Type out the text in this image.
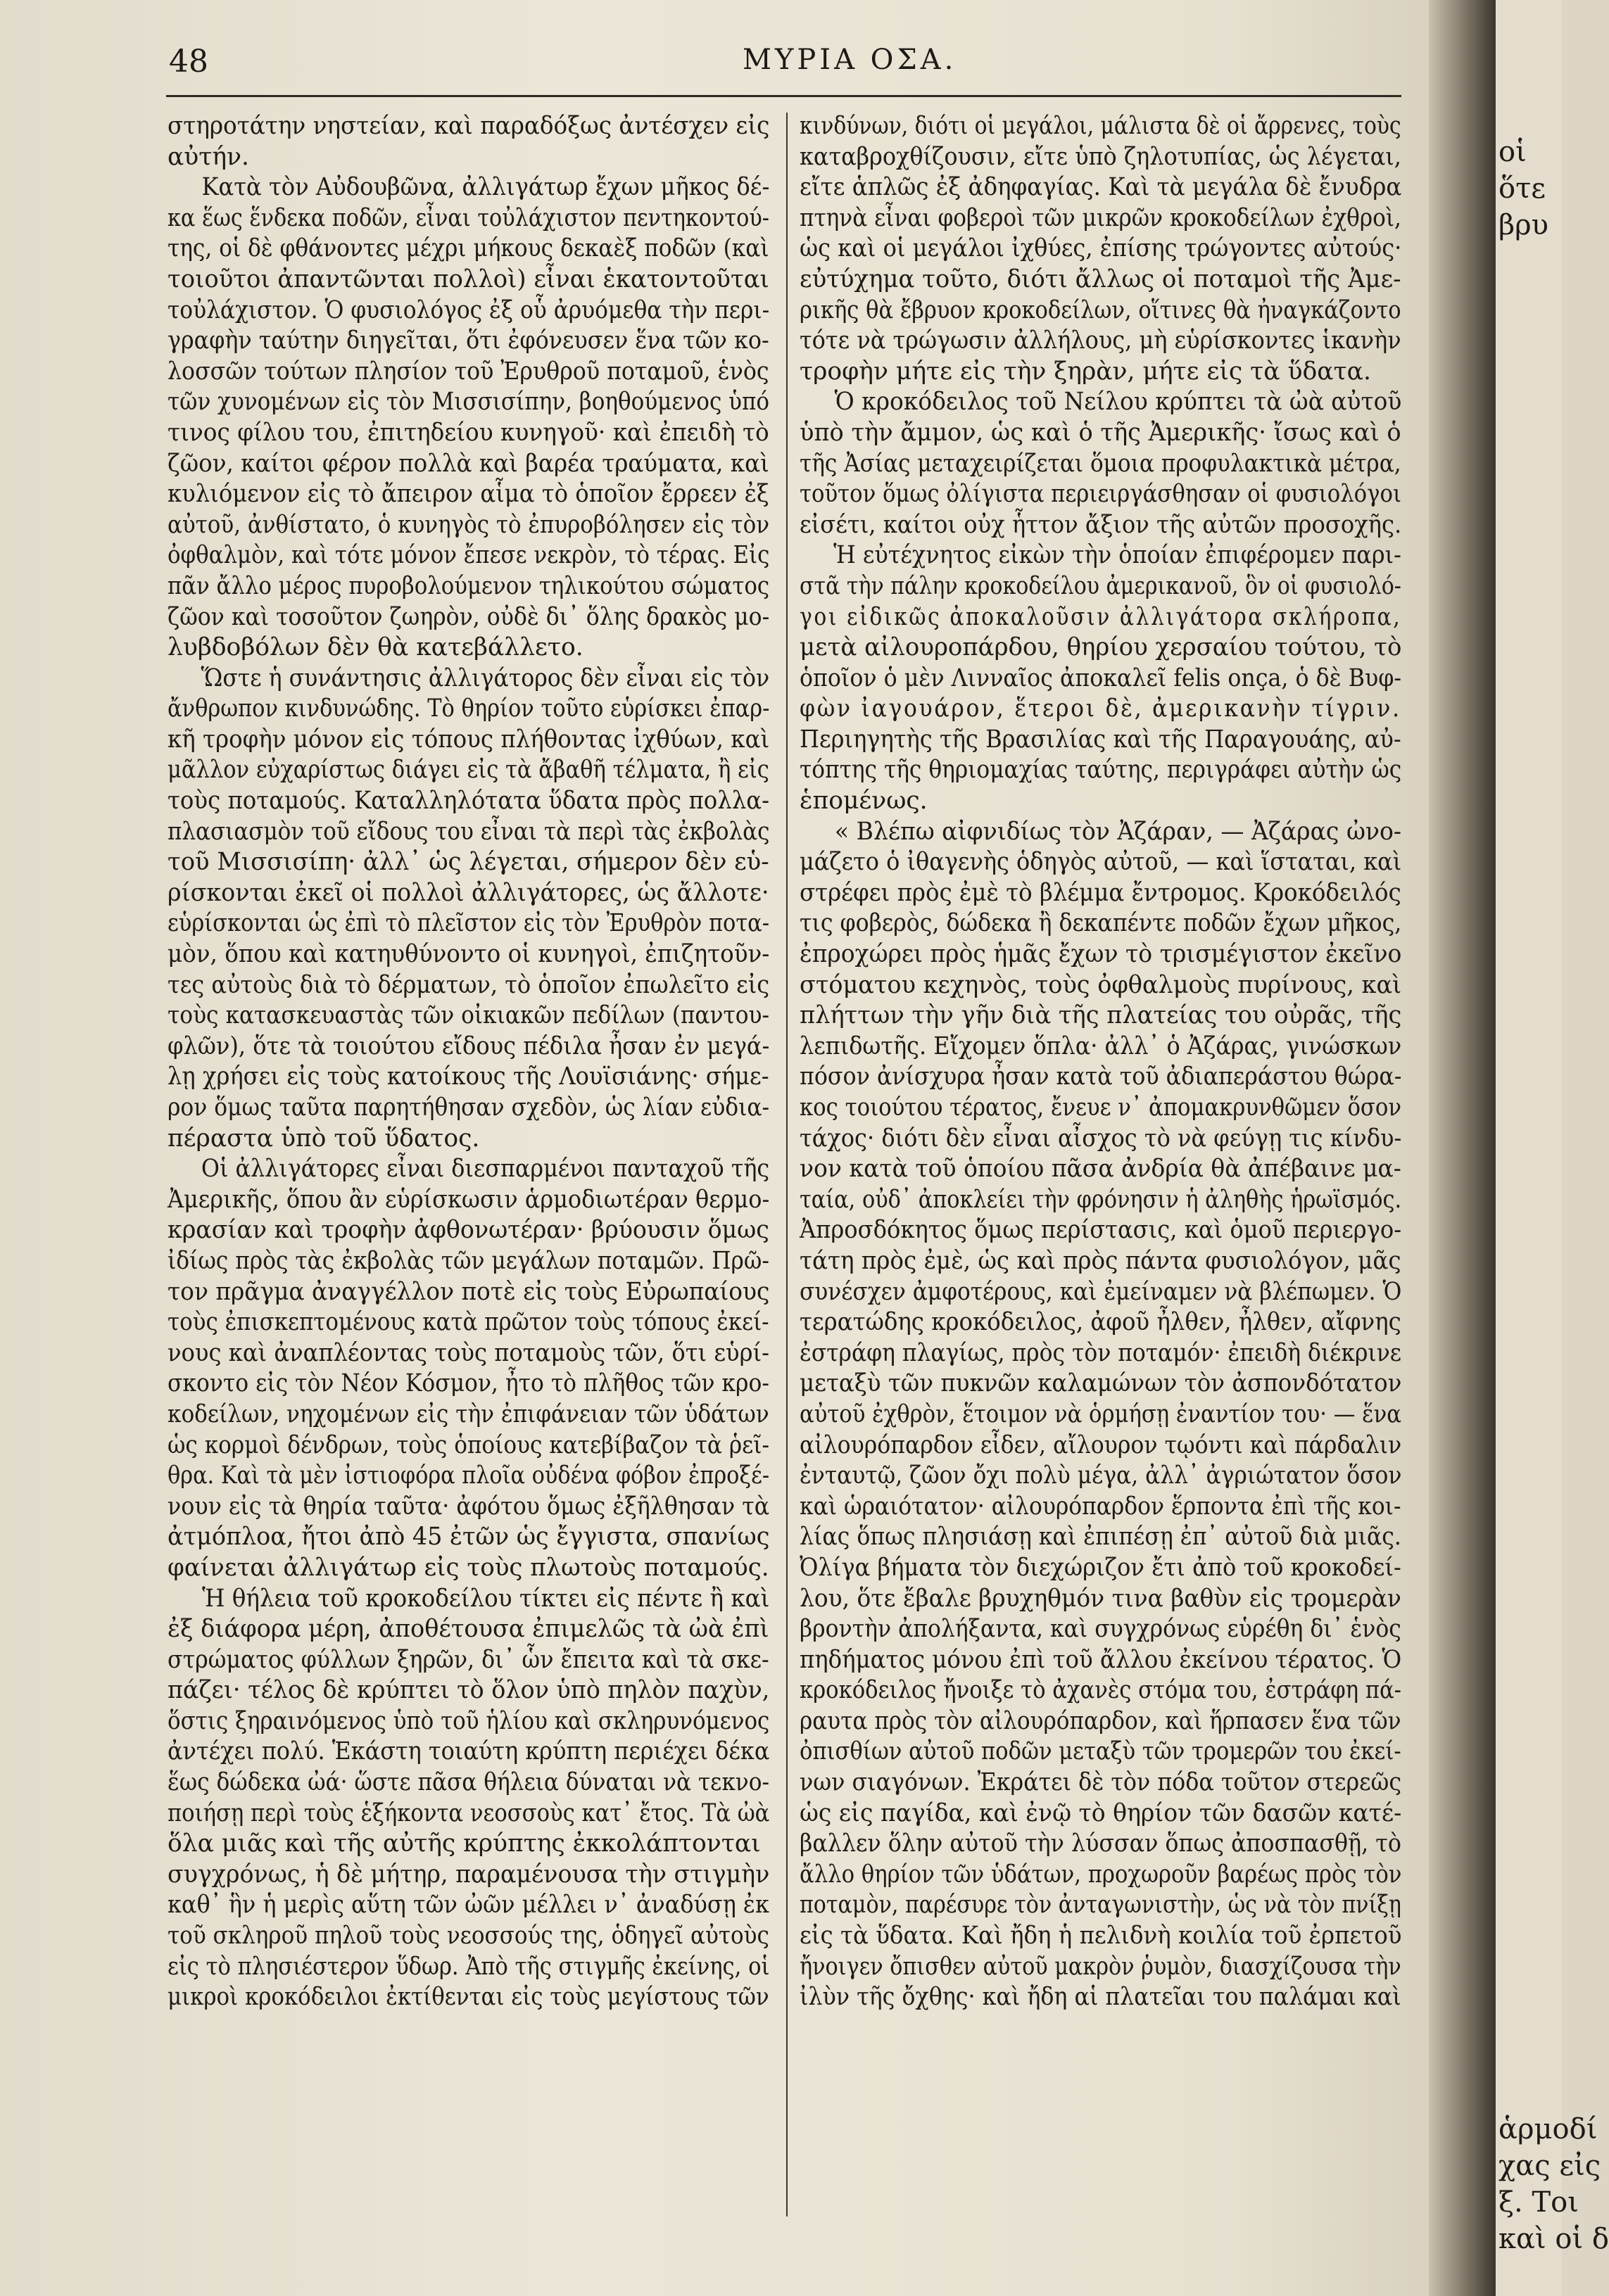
48	ΜΥΡΙΑ ΟΣΑ.
στηροτάτην νηστείαν, καὶ παραδόξως ἀντέσχεν εἰς
αὐτήν.
Κατὰ τὸν Αὐδουβῶνα, ἀλλιγάτωρ ἔχων μῆκος δέ-
κα ἕως ἕνδεκα ποδῶν, εἶναι τοὐλάχιστον πεντηκοντού-
της, οἱ δὲ φθάνοντες μέχρι μήκους δεκαὲξ ποδῶν (καὶ
τοιοῦτοι ἀπαντῶνται πολλοὶ) εἶναι ἑκατοντοῦται
τοὐλάχιστον. Ὁ φυσιολόγος ἐξ οὗ ἀρυόμεθα τὴν περι-
γραφὴν ταύτην διηγεῖται, ὅτι ἐφόνευσεν ἕνα τῶν κο-
λοσσῶν τούτων πλησίον τοῦ Ἐρυθροῦ ποταμοῦ, ἑνὸς
τῶν χυνομένων εἰς τὸν Μισσισίπην, βοηθούμενος ὑπό
τινος φίλου του, ἐπιτηδείου κυνηγοῦ· καὶ ἐπειδὴ τὸ
ζῶον, καίτοι φέρον πολλὰ καὶ βαρέα τραύματα, καὶ
κυλιόμενον εἰς τὸ ἄπειρον αἷμα τὸ ὁποῖον ἔρρεεν ἐξ
αὐτοῦ, ἀνθίστατο, ὁ κυνηγὸς τὸ ἐπυροβόλησεν εἰς τὸν
ὀφθαλμὸν, καὶ τότε μόνον ἔπεσε νεκρὸν, τὸ τέρας. Εἰς
πᾶν ἄλλο μέρος πυροβολούμενον τηλικούτου σώματος
ζῶον καὶ τοσοῦτον ζωηρὸν, οὐδὲ δι᾿ ὅλης δρακὸς μο-
λυβδοβόλων δὲν θὰ κατεβάλλετο.
Ὥστε ἡ συνάντησις ἀλλιγάτορος δὲν εἶναι εἰς τὸν
ἄνθρωπον κινδυνώδης. Τὸ θηρίον τοῦτο εὑρίσκει ἐπαρ-
κῆ τροφὴν μόνον εἰς τόπους πλήθοντας ἰχθύων, καὶ
μᾶλλον εὐχαρίστως διάγει εἰς τὰ ἄβαθῆ τέλματα, ἢ εἰς
τοὺς ποταμούς. Καταλληλότατα ὕδατα πρὸς πολλα-
πλασιασμὸν τοῦ εἴδους του εἶναι τὰ περὶ τὰς ἐκβολὰς
τοῦ Μισσισίπη· ἀλλ᾿ ὡς λέγεται, σήμερον δὲν εὑ-
ρίσκονται ἐκεῖ οἱ πολλοὶ ἀλλιγάτορες, ὡς ἄλλοτε·
εὑρίσκονται ὡς ἐπὶ τὸ πλεῖστον εἰς τὸν Ἐρυθρὸν ποτα-
μὸν, ὅπου καὶ κατηυθύνοντο οἱ κυνηγοὶ, ἐπιζητοῦν-
τες αὐτοὺς διὰ τὸ δέρματων, τὸ ὁποῖον ἐπωλεῖτο εἰς
τοὺς κατασκευαστὰς τῶν οἰκιακῶν πεδίλων (παντου-
φλῶν), ὅτε τὰ τοιούτου εἴδους πέδιλα ἦσαν ἐν μεγά-
λῃ χρήσει εἰς τοὺς κατοίκους τῆς Λουϊσιάνης· σήμε-
ρον ὅμως ταῦτα παρητήθησαν σχεδὸν, ὡς λίαν εὐδια-
πέραστα ὑπὸ τοῦ ὕδατος.
Οἱ ἀλλιγάτορες εἶναι διεσπαρμένοι πανταχοῦ τῆς
Ἀμερικῆς, ὅπου ἂν εὑρίσκωσιν ἁρμοδιωτέραν θερμο-
κρασίαν καὶ τροφὴν ἀφθονωτέραν· βρύουσιν ὅμως
ἰδίως πρὸς τὰς ἐκβολὰς τῶν μεγάλων ποταμῶν. Πρῶ-
τον πρᾶγμα ἀναγγέλλον ποτὲ εἰς τοὺς Εὐρωπαίους
τοὺς ἐπισκεπτομένους κατὰ πρῶτον τοὺς τόπους ἐκεί-
νους καὶ ἀναπλέοντας τοὺς ποταμοὺς τῶν, ὅτι εὑρί-
σκοντο εἰς τὸν Νέον Κόσμον, ἦτο τὸ πλῆθος τῶν κρο-
κοδείλων, νηχομένων εἰς τὴν ἐπιφάνειαν τῶν ὑδάτων
ὡς κορμοὶ δένδρων, τοὺς ὁποίους κατεβίβαζον τὰ ῥεῖ-
θρα. Καὶ τὰ μὲν ἰστιοφόρα πλοῖα οὐδένα φόβον ἐπροξέ-
νουν εἰς τὰ θηρία ταῦτα· ἀφότου ὅμως ἐξῆλθησαν τὰ
ἀτμόπλοα, ἤτοι ἀπὸ 45 ἐτῶν ὡς ἔγγιστα, σπανίως
φαίνεται ἀλλιγάτωρ εἰς τοὺς πλωτοὺς ποταμούς.
Ἡ θήλεια τοῦ κροκοδείλου τίκτει εἰς πέντε ἢ καὶ
ἐξ διάφορα μέρη, ἀποθέτουσα ἐπιμελῶς τὰ ὠὰ ἐπὶ
στρώματος φύλλων ξηρῶν, δι᾿ ὧν ἔπειτα καὶ τὰ σκε-
πάζει· τέλος δὲ κρύπτει τὸ ὅλον ὑπὸ πηλὸν παχὺν,
ὅστις ξηραινόμενος ὑπὸ τοῦ ἡλίου καὶ σκληρυνόμενος
ἀντέχει πολύ. Ἑκάστη τοιαύτη κρύπτη περιέχει δέκα
ἕως δώδεκα ὠά· ὥστε πᾶσα θήλεια δύναται νὰ τεκνο-
ποιήσῃ περὶ τοὺς ἑξήκοντα νεοσσοὺς κατ᾿ ἔτος. Τὰ ὠὰ
ὅλα μιᾶς καὶ τῆς αὐτῆς κρύπτης ἐκκολάπτονται
συγχρόνως, ἡ δὲ μήτηρ, παραμένουσα τὴν στιγμὴν
καθ᾿ ἣν ἡ μερὶς αὕτη τῶν ὠῶν μέλλει ν᾿ ἀναδύσῃ ἐκ
τοῦ σκληροῦ πηλοῦ τοὺς νεοσσούς της, ὁδηγεῖ αὐτοὺς
εἰς τὸ πλησιέστερον ὕδωρ. Ἀπὸ τῆς στιγμῆς ἐκείνης, οἱ
μικροὶ κροκόδειλοι ἐκτίθενται εἰς τοὺς μεγίστους τῶν
κινδύνων, διότι οἱ μεγάλοι, μάλιστα δὲ οἱ ἄρρενες, τοὺς
καταβροχθίζουσιν, εἴτε ὑπὸ ζηλοτυπίας, ὡς λέγεται,
εἴτε ἁπλῶς ἐξ ἀδηφαγίας. Καὶ τὰ μεγάλα δὲ ἔνυδρα
πτηνὰ εἶναι φοβεροὶ τῶν μικρῶν κροκοδείλων ἐχθροὶ,
ὡς καὶ οἱ μεγάλοι ἰχθύες, ἐπίσης τρώγοντες αὐτούς·
εὐτύχημα τοῦτο, διότι ἄλλως οἱ ποταμοὶ τῆς Ἀμε-
ρικῆς θὰ ἔβρυον κροκοδείλων, οἵτινες θὰ ἠναγκάζοντο
τότε νὰ τρώγωσιν ἀλλήλους, μὴ εὑρίσκοντες ἱκανὴν
τροφὴν μήτε εἰς τὴν ξηρὰν, μήτε εἰς τὰ ὕδατα.
Ὁ κροκόδειλος τοῦ Νείλου κρύπτει τὰ ὠὰ αὐτοῦ
ὑπὸ τὴν ἄμμον, ὡς καὶ ὁ τῆς Ἀμερικῆς· ἴσως καὶ ὁ
τῆς Ἀσίας μεταχειρίζεται ὅμοια προφυλακτικὰ μέτρα,
τοῦτον ὅμως ὀλίγιστα περιειργάσθησαν οἱ φυσιολόγοι
εἰσέτι, καίτοι οὐχ ἧττον ἄξιον τῆς αὐτῶν προσοχῆς.
Ἡ εὐτέχνητος εἰκὼν τὴν ὁποίαν ἐπιφέρομεν παρι-
στᾶ τὴν πάλην κροκοδείλου ἀμερικανοῦ, ὃν οἱ φυσιολό-
γοι εἰδικῶς ἀποκαλοῦσιν ἀλλιγάτορα σκλήροπα,
μετὰ αἰλουροπάρδου, θηρίου χερσαίου τούτου, τὸ
ὁποῖον ὁ μὲν Λινναῖος ἀποκαλεῖ felis onça, ὁ δὲ Βυφ-
φὼν ἰαγουάρον, ἕτεροι δὲ, ἀμερικανὴν τίγριν.
Περιηγητὴς τῆς Βρασιλίας καὶ τῆς Παραγουάης, αὐ-
τόπτης τῆς θηριομαχίας ταύτης, περιγράφει αὐτὴν ὡς
ἑπομένως.
« Βλέπω αἰφνιδίως τὸν Ἀζάραν, — Ἀζάρας ὠνο-
μάζετο ὁ ἰθαγενὴς ὁδηγὸς αὐτοῦ, — καὶ ἵσταται, καὶ
στρέφει πρὸς ἐμὲ τὸ βλέμμα ἔντρομος. Κροκόδειλός
τις φοβερὸς, δώδεκα ἢ δεκαπέντε ποδῶν ἔχων μῆκος,
ἐπροχώρει πρὸς ἡμᾶς ἔχων τὸ τρισμέγιστον ἐκεῖνο
στόματου κεχηνὸς, τοὺς ὀφθαλμοὺς πυρίνους, καὶ
πλήττων τὴν γῆν διὰ τῆς πλατείας του οὐρᾶς, τῆς
λεπιδωτῆς. Εἴχομεν ὅπλα· ἀλλ᾿ ὁ Ἀζάρας, γινώσκων
πόσον ἀνίσχυρα ἦσαν κατὰ τοῦ ἀδιαπεράστου θώρα-
κος τοιούτου τέρατος, ἔνευε ν᾿ ἀπομακρυνθῶμεν ὅσον
τάχος· διότι δὲν εἶναι αἶσχος τὸ νὰ φεύγῃ τις κίνδυ-
νον κατὰ τοῦ ὁποίου πᾶσα ἀνδρία θὰ ἀπέβαινε μα-
ταία, οὐδ᾿ ἀποκλείει τὴν φρόνησιν ἡ ἀληθὴς ἡρωϊσμός.
Ἀπροσδόκητος ὅμως περίστασις, καὶ ὁμοῦ περιεργο-
τάτη πρὸς ἐμὲ, ὡς καὶ πρὸς πάντα φυσιολόγον, μᾶς
συνέσχεν ἀμφοτέρους, καὶ ἐμείναμεν νὰ βλέπωμεν. Ὁ
τερατώδης κροκόδειλος, ἀφοῦ ἦλθεν, ἦλθεν, αἴφνης
ἐστράφη πλαγίως, πρὸς τὸν ποταμόν· ἐπειδὴ διέκρινε
μεταξὺ τῶν πυκνῶν καλαμώνων τὸν ἀσπονδότατον
αὐτοῦ ἐχθρὸν, ἕτοιμον νὰ ὁρμήσῃ ἐναντίον του· — ἕνα
αἰλουρόπαρδον εἶδεν, αἴλουρον τῳόντι καὶ πάρδαλιν
ἐνταυτῷ, ζῶον ὄχι πολὺ μέγα, ἀλλ᾿ ἀγριώτατον ὅσον
καὶ ὡραιότατον· αἰλουρόπαρδον ἕρποντα ἐπὶ τῆς κοι-
λίας ὅπως πλησιάσῃ καὶ ἐπιπέσῃ ἐπ᾿ αὐτοῦ διὰ μιᾶς.
Ὀλίγα βήματα τὸν διεχώριζον ἔτι ἀπὸ τοῦ κροκοδεί-
λου, ὅτε ἔβαλε βρυχηθμόν τινα βαθὺν εἰς τρομερὰν
βροντὴν ἀπολήξαντα, καὶ συγχρόνως εὑρέθη δι᾿ ἑνὸς
πηδήματος μόνου ἐπὶ τοῦ ἄλλου ἐκείνου τέρατος. Ὁ
κροκόδειλος ἤνοιξε τὸ ἀχανὲς στόμα του, ἐστράφη πά-
ραυτα πρὸς τὸν αἰλουρόπαρδον, καὶ ἥρπασεν ἕνα τῶν
ὀπισθίων αὐτοῦ ποδῶν μεταξὺ τῶν τρομερῶν του ἐκεί-
νων σιαγόνων. Ἐκράτει δὲ τὸν πόδα τοῦτον στερεῶς
ὡς εἰς παγίδα, καὶ ἐνῷ τὸ θηρίον τῶν δασῶν κατέ-
βαλλεν ὅλην αὐτοῦ τὴν λύσσαν ὅπως ἀποσπασθῇ, τὸ
ἄλλο θηρίον τῶν ὑδάτων, προχωροῦν βαρέως πρὸς τὸν
ποταμὸν, παρέσυρε τὸν ἀνταγωνιστὴν, ὡς νὰ τὸν πνίξῃ
εἰς τὰ ὕδατα. Καὶ ἤδη ἡ πελιδνὴ κοιλία τοῦ ἐρπετοῦ
ἤνοιγεν ὄπισθεν αὐτοῦ μακρὸν ῥυμὸν, διασχίζουσα τὴν
ἰλὺν τῆς ὄχθης· καὶ ἤδη αἱ πλατεῖαι του παλάμαι καὶ
οἱ
ὅτε
βρυ
ἁρμοδί
χας εἰς
ξ. Τοι
καὶ οἱ δ
